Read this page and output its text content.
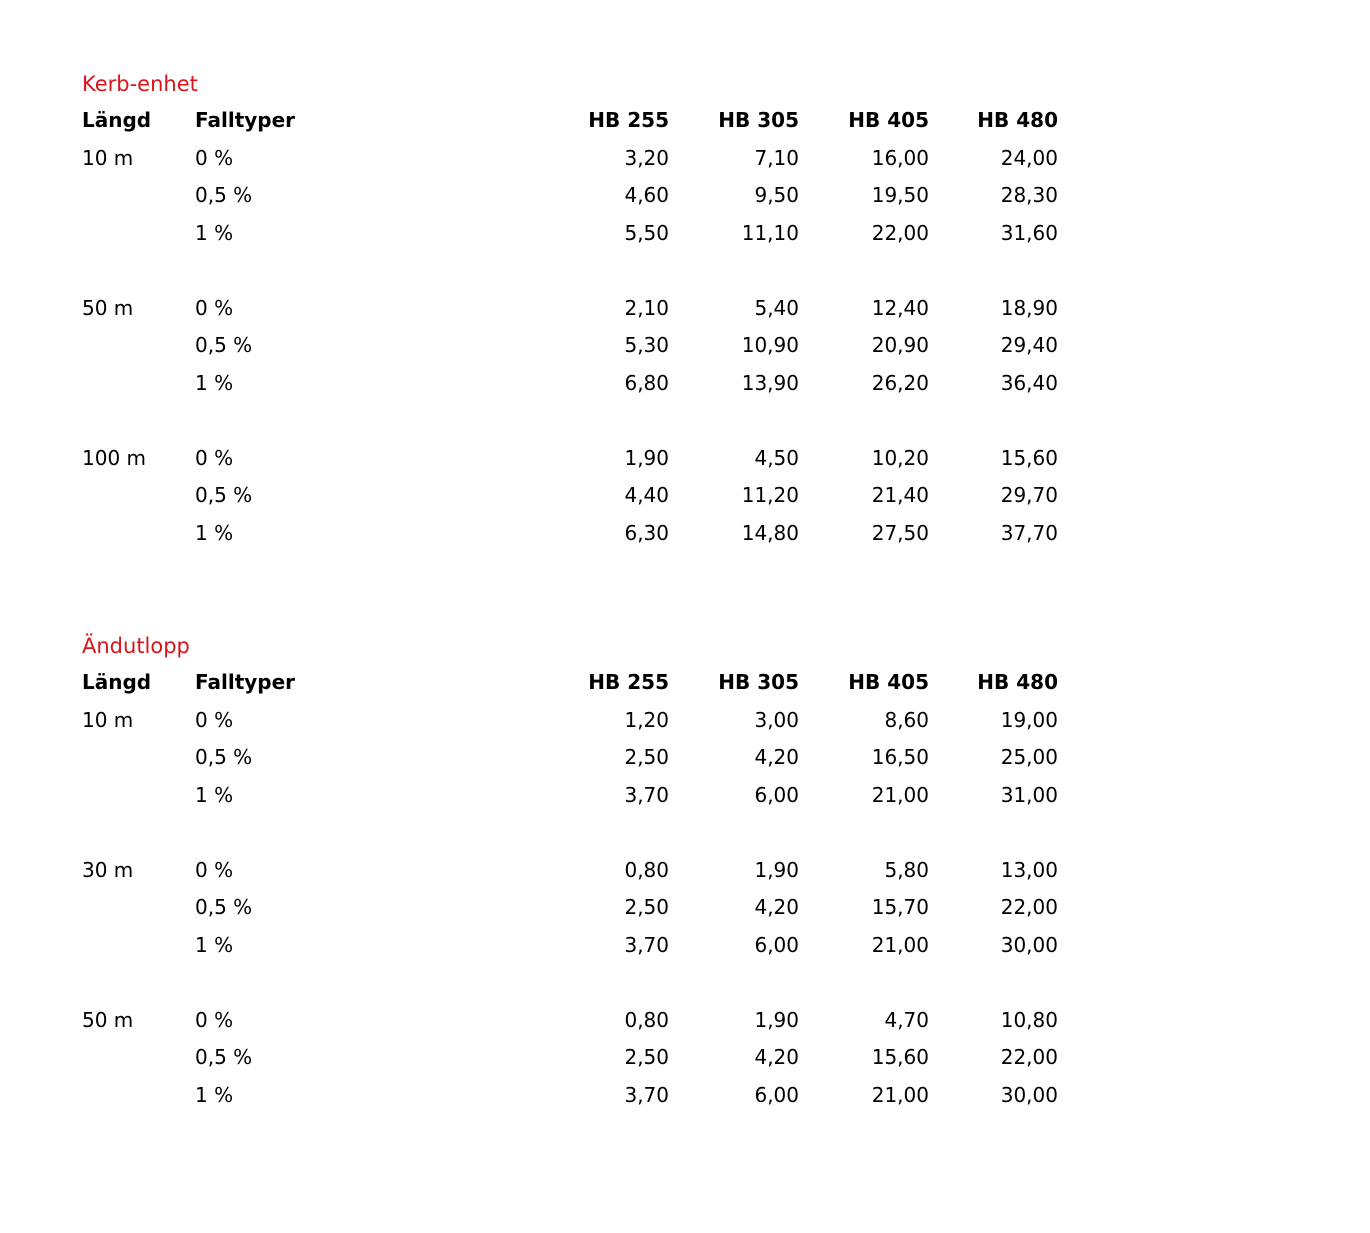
Kerb-enhet
Längd Falltyper	HB 255	HB 305	HB 405	HB 480
10 m	0 %	3,20	7,10	16,00	24,00
0,5 %	4,60	9,50	19,50	28,30
1 %	5,50	11,10	22,00	31,60
50 m	0 %	2,10	5,40	12,40	18,90
0,5 %	5,30	10,90	20,90	29,40
1 %	6,80	13,90	26,20	36,40
100 m 0 %	1,90	4,50	10,20	15,60
0,5 %	4,40	11,20	21,40	29,70
1 %	6,30	14,80	27,50	37,70
Ändutlopp
Längd Falltyper	HB 255	HB 305	HB 405	HB 480
10 m	0 %	1,20	3,00	8,60	19,00
0,5 %	2,50	4,20	16,50	25,00
1 %	3,70	6,00	21,00	31,00
30 m	0 %	0,80	1,90	5,80	13,00
0,5 %	2,50	4,20	15,70	22,00
1 %	3,70	6,00	21,00	30,00
50 m	0 %	0,80	1,90	4,70	10,80
0,5 %	2,50	4,20	15,60	22,00
1 %	3,70	6,00	21,00	30,00
